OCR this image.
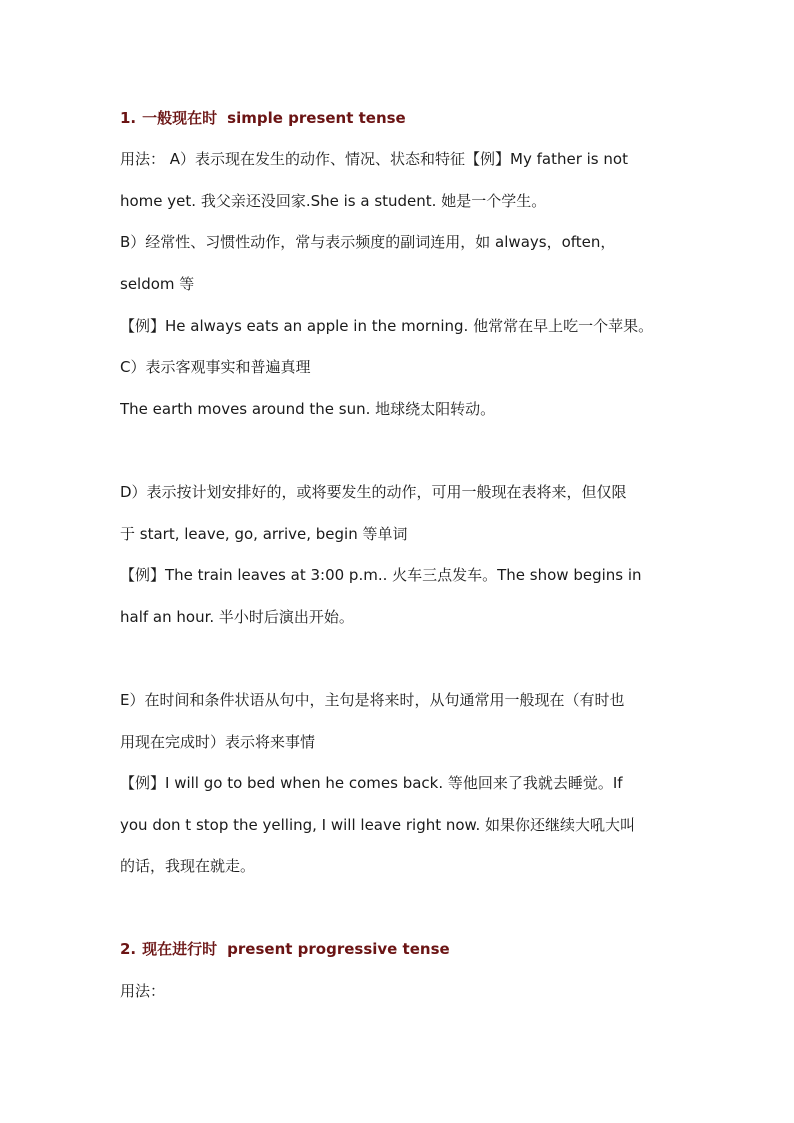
1. 一般现在时 simple present tense
用法： A）表示现在发生的动作、情况、状态和特征【例】My father is not
home yet. 我父亲还没回家.She is a student. 她是一个学生。
B）经常性、习惯性动作，常与表示频度的副词连用，如 always，often，
seldom 等
【例】He always eats an apple in the morning. 他常常在早上吃一个苹果。
C）表示客观事实和普遍真理
The earth moves around the sun. 地球绕太阳转动。
D）表示按计划安排好的，或将要发生的动作，可用一般现在表将来，但仅限
于 start, leave, go, arrive, begin 等单词
【例】The train leaves at 3:00 p.m.. 火车三点发车。The show begins in
half an hour. 半小时后演出开始。
E）在时间和条件状语从句中，主句是将来时，从句通常用一般现在（有时也
用现在完成时）表示将来事情
【例】I will go to bed when he comes back. 等他回来了我就去睡觉。If
you don t stop the yelling, I will leave right now. 如果你还继续大吼大叫
的话，我现在就走。
2. 现在进行时 present progressive tense
用法：
